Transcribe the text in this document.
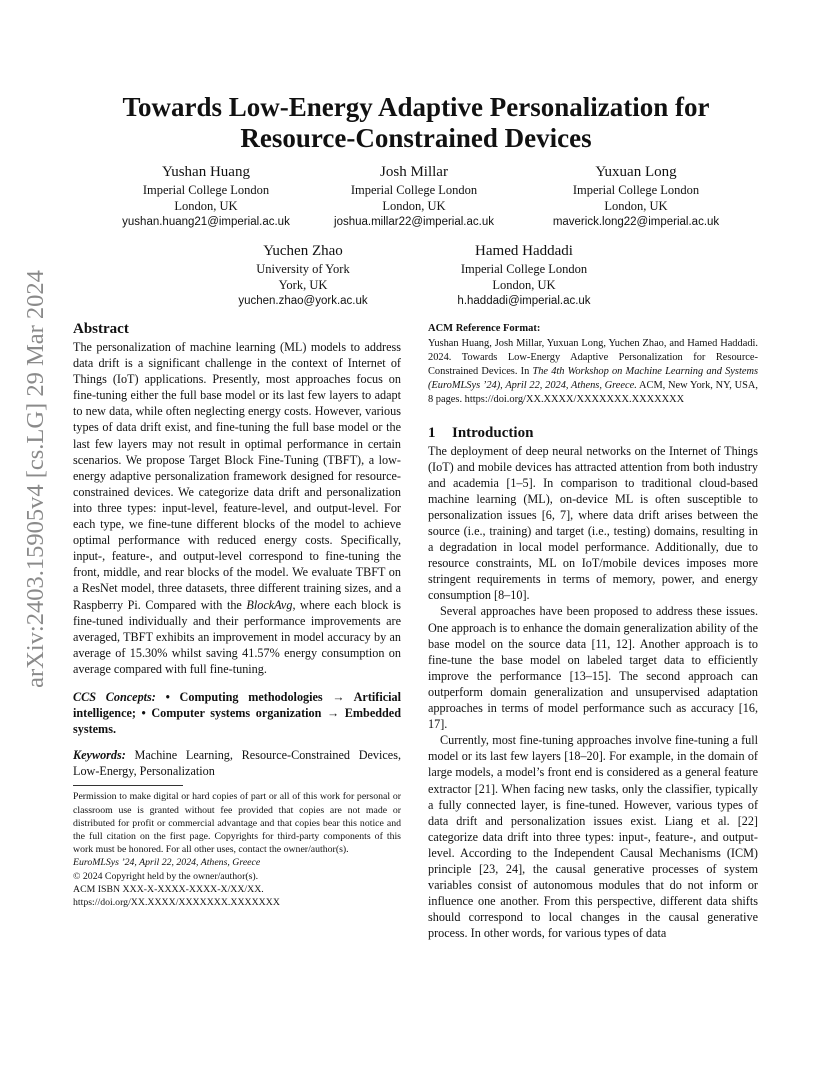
arXiv:2403.15905v4 [cs.LG] 29 Mar 2024
Towards Low-Energy Adaptive Personalization for Resource-Constrained Devices
Yushan Huang
Imperial College London
London, UK
yushan.huang21@imperial.ac.uk
Josh Millar
Imperial College London
London, UK
joshua.millar22@imperial.ac.uk
Yuxuan Long
Imperial College London
London, UK
maverick.long22@imperial.ac.uk
Yuchen Zhao
University of York
York, UK
yuchen.zhao@york.ac.uk
Hamed Haddadi
Imperial College London
London, UK
h.haddadi@imperial.ac.uk
Abstract

The personalization of machine learning (ML) models to address data drift is a significant challenge in the context of Internet of Things (IoT) applications. Presently, most approaches focus on fine-tuning either the full base model or its last few layers to adapt to new data, while often neglecting energy costs. However, various types of data drift exist, and fine-tuning the full base model or the last few layers may not result in optimal performance in certain scenarios. We propose Target Block Fine-Tuning (TBFT), a low-energy adaptive personalization framework designed for resource-constrained devices. We categorize data drift and personalization into three types: input-level, feature-level, and output-level. For each type, we fine-tune different blocks of the model to achieve optimal performance with reduced energy costs. Specifically, input-, feature-, and output-level correspond to fine-tuning the front, middle, and rear blocks of the model. We evaluate TBFT on a ResNet model, three datasets, three different training sizes, and a Raspberry Pi. Compared with the BlockAvg, where each block is fine-tuned individually and their performance improvements are averaged, TBFT exhibits an improvement in model accuracy by an average of 15.30% whilst saving 41.57% energy consumption on average compared with full fine-tuning.

CCS Concepts: • Computing methodologies → Artificial intelligence; • Computer systems organization → Embedded systems.

Keywords: Machine Learning, Resource-Constrained Devices, Low-Energy, Personalization

Permission to make digital or hard copies of part or all of this work for personal or classroom use is granted without fee provided that copies are not made or distributed for profit or commercial advantage and that copies bear this notice and the full citation on the first page. Copyrights for third-party components of this work must be honored. For all other uses, contact the owner/author(s).

EuroMLSys ’24, April 22, 2024, Athens, Greece

© 2024 Copyright held by the owner/author(s).

ACM ISBN XXX-X-XXXX-XXXX-X/XX/XX.

https://doi.org/XX.XXXX/XXXXXXX.XXXXXXX

ACM Reference Format:

Yushan Huang, Josh Millar, Yuxuan Long, Yuchen Zhao, and Hamed Haddadi. 2024. Towards Low-Energy Adaptive Personalization for Resource-Constrained Devices. In The 4th Workshop on Machine Learning and Systems (EuroMLSys ’24), April 22, 2024, Athens, Greece. ACM, New York, NY, USA, 8 pages. https://doi.org/XX.XXXX/XXXXXXX.XXXXXXX

1 Introduction

The deployment of deep neural networks on the Internet of Things (IoT) and mobile devices has attracted attention from both industry and academia [1–5]. In comparison to traditional cloud-based machine learning (ML), on-device ML is often susceptible to personalization issues [6, 7], where data drift arises between the source (i.e., training) and target (i.e., testing) domains, resulting in a degradation in local model performance. Additionally, due to resource constraints, ML on IoT/mobile devices imposes more stringent requirements in terms of memory, power, and energy consumption [8–10].

Several approaches have been proposed to address these issues. One approach is to enhance the domain generalization ability of the base model on the source data [11, 12]. Another approach is to fine-tune the base model on labeled target data to efficiently improve the performance [13–15]. The second approach can outperform domain generalization and unsupervised adaptation approaches in terms of model performance such as accuracy [16, 17].

Currently, most fine-tuning approaches involve fine-tuning a full model or its last few layers [18–20]. For example, in the domain of large models, a model’s front end is considered as a general feature extractor [21]. When facing new tasks, only the classifier, typically a fully connected layer, is fine-tuned. However, various types of data drift and personalization issues exist. Liang et al. [22] categorize data drift into three types: input-, feature-, and output-level. According to the Independent Causal Mechanisms (ICM) principle [23, 24], the causal generative processes of system variables consist of autonomous modules that do not inform or influence one another. From this perspective, different data shifts should correspond to local changes in the causal generative process. In other words, for various types of data
